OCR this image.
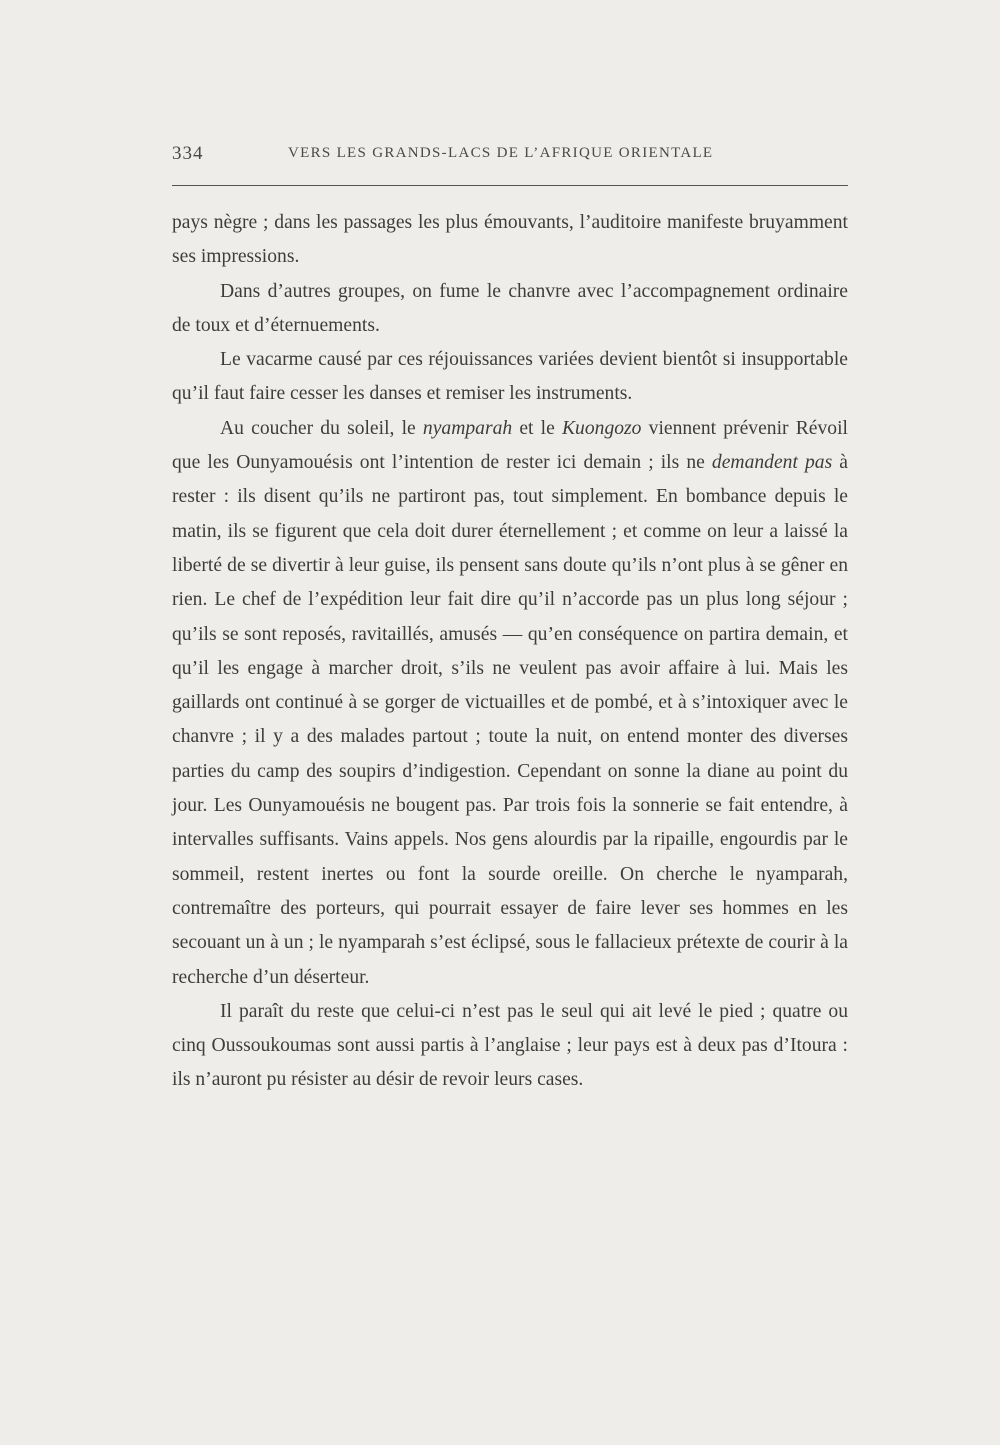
334	VERS LES GRANDS-LACS DE L’AFRIQUE ORIENTALE

pays nègre ; dans les passages les plus émouvants, l’auditoire manifeste bruyamment ses impressions.

Dans d’autres groupes, on fume le chanvre avec l’accompagnement ordinaire de toux et d’éternuements.

Le vacarme causé par ces réjouissances variées devient bientôt si insupportable qu’il faut faire cesser les danses et remiser les instruments.

Au coucher du soleil, le nyamparah et le Kuongozo viennent prévenir Révoil que les Ounyamouésis ont l’intention de rester ici demain ; ils ne demandent pas à rester : ils disent qu’ils ne partiront pas, tout simplement. En bombance depuis le matin, ils se figurent que cela doit durer éternellement ; et comme on leur a laissé la liberté de se divertir à leur guise, ils pensent sans doute qu’ils n’ont plus à se gêner en rien. Le chef de l’expédition leur fait dire qu’il n’accorde pas un plus long séjour ; qu’ils se sont reposés, ravitaillés, amusés — qu’en conséquence on partira demain, et qu’il les engage à marcher droit, s’ils ne veulent pas avoir affaire à lui. Mais les gaillards ont continué à se gorger de victuailles et de pombé, et à s’intoxiquer avec le chanvre ; il y a des malades partout ; toute la nuit, on entend monter des diverses parties du camp des soupirs d’indigestion. Cependant on sonne la diane au point du jour. Les Ounyamouésis ne bougent pas. Par trois fois la sonnerie se fait entendre, à intervalles suffisants. Vains appels. Nos gens alourdis par la ripaille, engourdis par le sommeil, restent inertes ou font la sourde oreille. On cherche le nyamparah, contremaître des porteurs, qui pourrait essayer de faire lever ses hommes en les secouant un à un ; le nyamparah s’est éclipsé, sous le fallacieux prétexte de courir à la recherche d’un déserteur.

Il paraît du reste que celui-ci n’est pas le seul qui ait levé le pied ; quatre ou cinq Oussoukoumas sont aussi partis à l’anglaise ; leur pays est à deux pas d’Itoura : ils n’auront pu résister au désir de revoir leurs cases.
